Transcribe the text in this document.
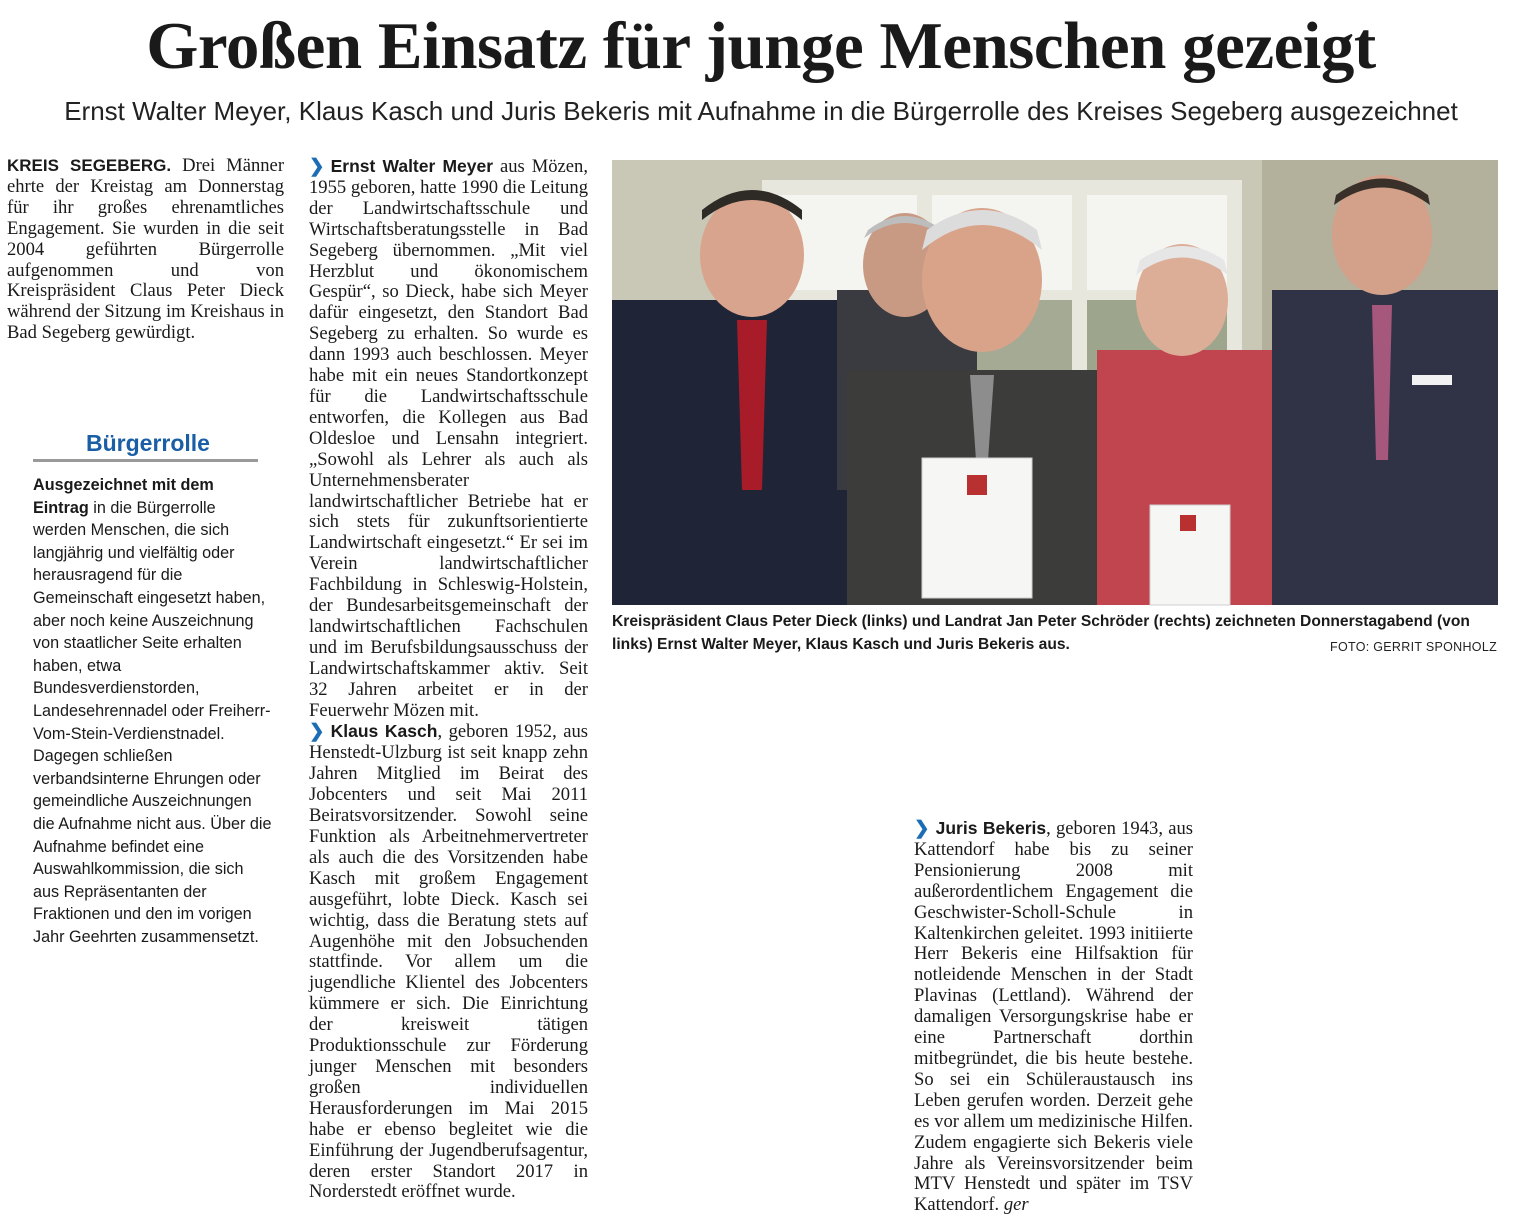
Großen Einsatz für junge Menschen gezeigt

Ernst Walter Meyer, Klaus Kasch und Juris Bekeris mit Aufnahme in die Bürgerrolle des Kreises Segeberg ausgezeichnet

KREIS SEGEBERG. Drei Männer ehrte der Kreistag am Donnerstag für ihr großes ehrenamtliches Engagement. Sie wurden in die seit 2004 geführten Bürgerrolle aufgenommen und von Kreispräsident Claus Peter Dieck während der Sitzung im Kreishaus in Bad Segeberg gewürdigt.

Bürgerrolle

Ausgezeichnet mit dem Eintrag in die Bürgerrolle werden Menschen, die sich langjährig und vielfältig oder herausragend für die Gemeinschaft eingesetzt haben, aber noch keine Auszeichnung von staatlicher Seite erhalten haben, etwa Bundesverdienstorden, Landesehrennadel oder Freiherr-Vom-Stein-Verdienstnadel. Dagegen schließen verbandsinterne Ehrungen oder gemeindliche Auszeichnungen die Aufnahme nicht aus. Über die Aufnahme befindet eine Auswahlkommission, die sich aus Repräsentanten der Fraktionen und den im vorigen Jahr Geehrten zusammensetzt.

Kreispräsident Claus Peter Dieck (links) und Landrat Jan Peter Schröder (rechts) zeichneten Donnerstagabend (von links) Ernst Walter Meyer, Klaus Kasch und Juris Bekeris aus.	FOTO: GERRIT SPONHOLZ

❯ Ernst Walter Meyer aus Mözen, 1955 geboren, hatte 1990 die Leitung der Landwirtschaftsschule und Wirtschaftsberatungsstelle in Bad Segeberg übernommen. „Mit viel Herzblut und ökonomischem Gespür“, so Dieck, habe sich Meyer dafür eingesetzt, den Standort Bad Segeberg zu erhalten. So wurde es dann 1993 auch beschlossen. Meyer habe mit ein neues Standortkonzept für die Landwirtschaftsschule entworfen, die Kollegen aus Bad Oldesloe und Lensahn integriert. „Sowohl als Lehrer als auch als Unternehmensberater landwirtschaftlicher Betriebe hat er sich stets für zukunftsorientierte Landwirtschaft eingesetzt.“ Er sei im Verein landwirtschaftlicher Fachbildung in Schleswig-Holstein, der Bundesarbeitsgemeinschaft der landwirtschaftlichen Fachschulen und im Berufsbildungsausschuss der Landwirtschaftskammer aktiv. Seit 32 Jahren arbeitet er in der Feuerwehr Mözen mit.

❯ Klaus Kasch, geboren 1952, aus Henstedt-Ulzburg ist seit knapp zehn Jahren Mitglied im Beirat des Jobcenters und seit Mai 2011 Beiratsvorsitzender. Sowohl seine Funktion als Arbeitnehmervertreter als auch die des Vorsitzenden habe Kasch mit großem Engagement ausgeführt, lobte Dieck. Kasch sei wichtig, dass die Beratung stets auf Augenhöhe mit den Jobsuchenden stattfinde. Vor allem um die jugendliche Klientel des Jobcenters kümmere er sich. Die Einrichtung der kreisweit tätigen Produktionsschule zur Förderung junger Menschen mit besonders großen individuellen Herausforderungen im Mai 2015 habe er ebenso begleitet wie die Einführung der Jugendberufsagentur, deren erster Standort 2017 in Norderstedt eröffnet wurde.

❯ Juris Bekeris, geboren 1943, aus Kattendorf habe bis zu seiner Pensionierung 2008 mit außerordentlichem Engagement die Geschwister-Scholl-Schule in Kaltenkirchen geleitet. 1993 initiierte Herr Bekeris eine Hilfsaktion für notleidende Menschen in der Stadt Plavinas (Lettland). Während der damaligen Versorgungskrise habe er eine Partnerschaft dorthin mitbegründet, die bis heute bestehe. So sei ein Schüleraustausch ins Leben gerufen worden. Derzeit gehe es vor allem um medizinische Hilfen. Zudem engagierte sich Bekeris viele Jahre als Vereinsvorsitzender beim MTV Henstedt und später im TSV Kattendorf. ger
